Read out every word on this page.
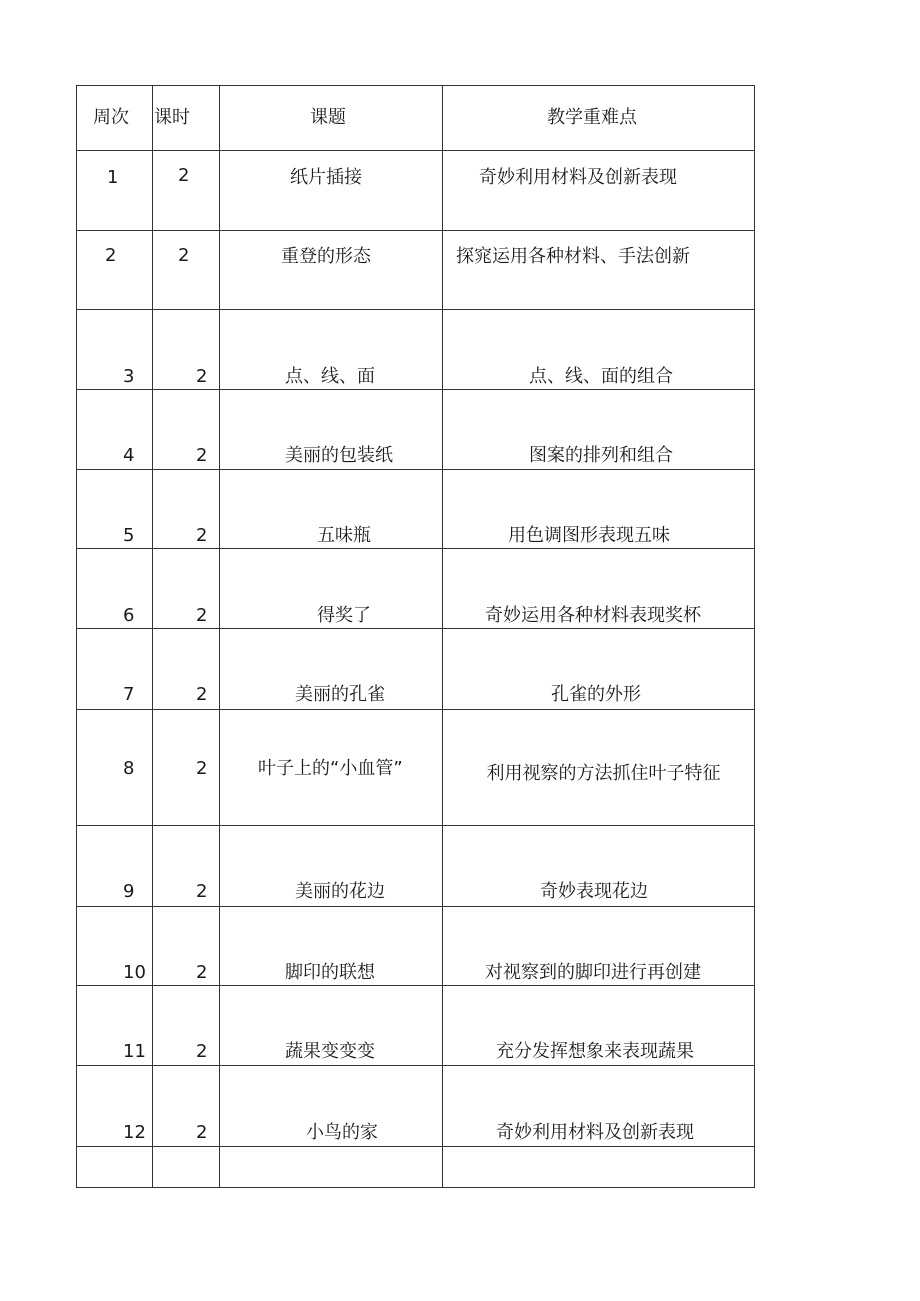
周次	课时	课题	教学重难点

1	2	纸片插接	奇妙利用材料及创新表现

2	2	重登的形态	探窕运用各种材料、手法创新

3	2	点、线、面	点、线、面的组合

4	2	美丽的包装纸	图案的排列和组合

5	2	五味瓶	用色调图形表现五味

6	2	得奖了	奇妙运用各种材料表现奖杯

7	2	美丽的孔雀	孔雀的外形

8	2	叶子上的“小血管”	利用视察的方法抓住叶子特征

9	2	美丽的花边	奇妙表现花边

10	2	脚印的联想	对视察到的脚印进行再创建

11	2	蔬果变变变	充分发挥想象来表现蔬果

12	2	小鸟的家	奇妙利用材料及创新表现
